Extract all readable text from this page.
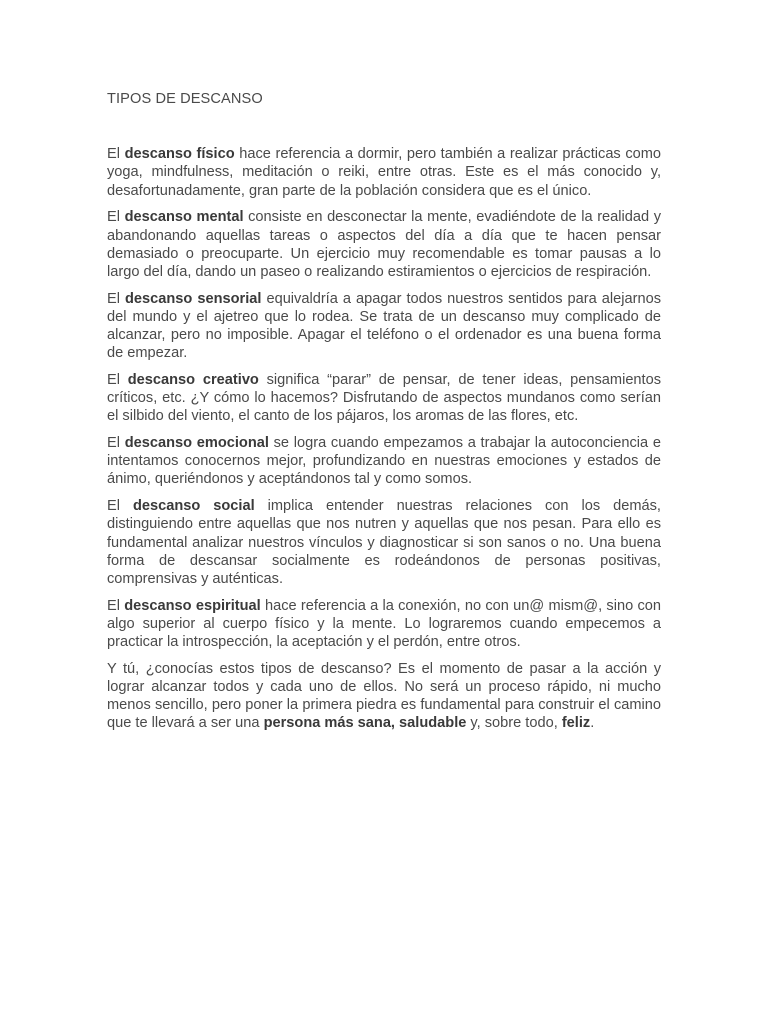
TIPOS DE DESCANSO

El descanso físico hace referencia a dormir, pero también a realizar prácticas como yoga, mindfulness, meditación o reiki, entre otras. Este es el más conocido y, desafortunadamente, gran parte de la población considera que es el único.

El descanso mental consiste en desconectar la mente, evadiéndote de la realidad y abandonando aquellas tareas o aspectos del día a día que te hacen pensar demasiado o preocuparte. Un ejercicio muy recomendable es tomar pausas a lo largo del día, dando un paseo o realizando estiramientos o ejercicios de respiración.

El descanso sensorial equivaldría a apagar todos nuestros sentidos para alejarnos del mundo y el ajetreo que lo rodea. Se trata de un descanso muy complicado de alcanzar, pero no imposible. Apagar el teléfono o el ordenador es una buena forma de empezar.

El descanso creativo significa “parar” de pensar, de tener ideas, pensamientos críticos, etc. ¿Y cómo lo hacemos? Disfrutando de aspectos mundanos como serían el silbido del viento, el canto de los pájaros, los aromas de las flores, etc.

El descanso emocional se logra cuando empezamos a trabajar la autoconciencia e intentamos conocernos mejor, profundizando en nuestras emociones y estados de ánimo, queriéndonos y aceptándonos tal y como somos.

El descanso social implica entender nuestras relaciones con los demás, distinguiendo entre aquellas que nos nutren y aquellas que nos pesan. Para ello es fundamental analizar nuestros vínculos y diagnosticar si son sanos o no. Una buena forma de descansar socialmente es rodeándonos de personas positivas, comprensivas y auténticas.

El descanso espiritual hace referencia a la conexión, no con un@ mism@, sino con algo superior al cuerpo físico y la mente. Lo lograremos cuando empecemos a practicar la introspección, la aceptación y el perdón, entre otros.

Y tú, ¿conocías estos tipos de descanso? Es el momento de pasar a la acción y lograr alcanzar todos y cada uno de ellos. No será un proceso rápido, ni mucho menos sencillo, pero poner la primera piedra es fundamental para construir el camino que te llevará a ser una persona más sana, saludable y, sobre todo, feliz.
